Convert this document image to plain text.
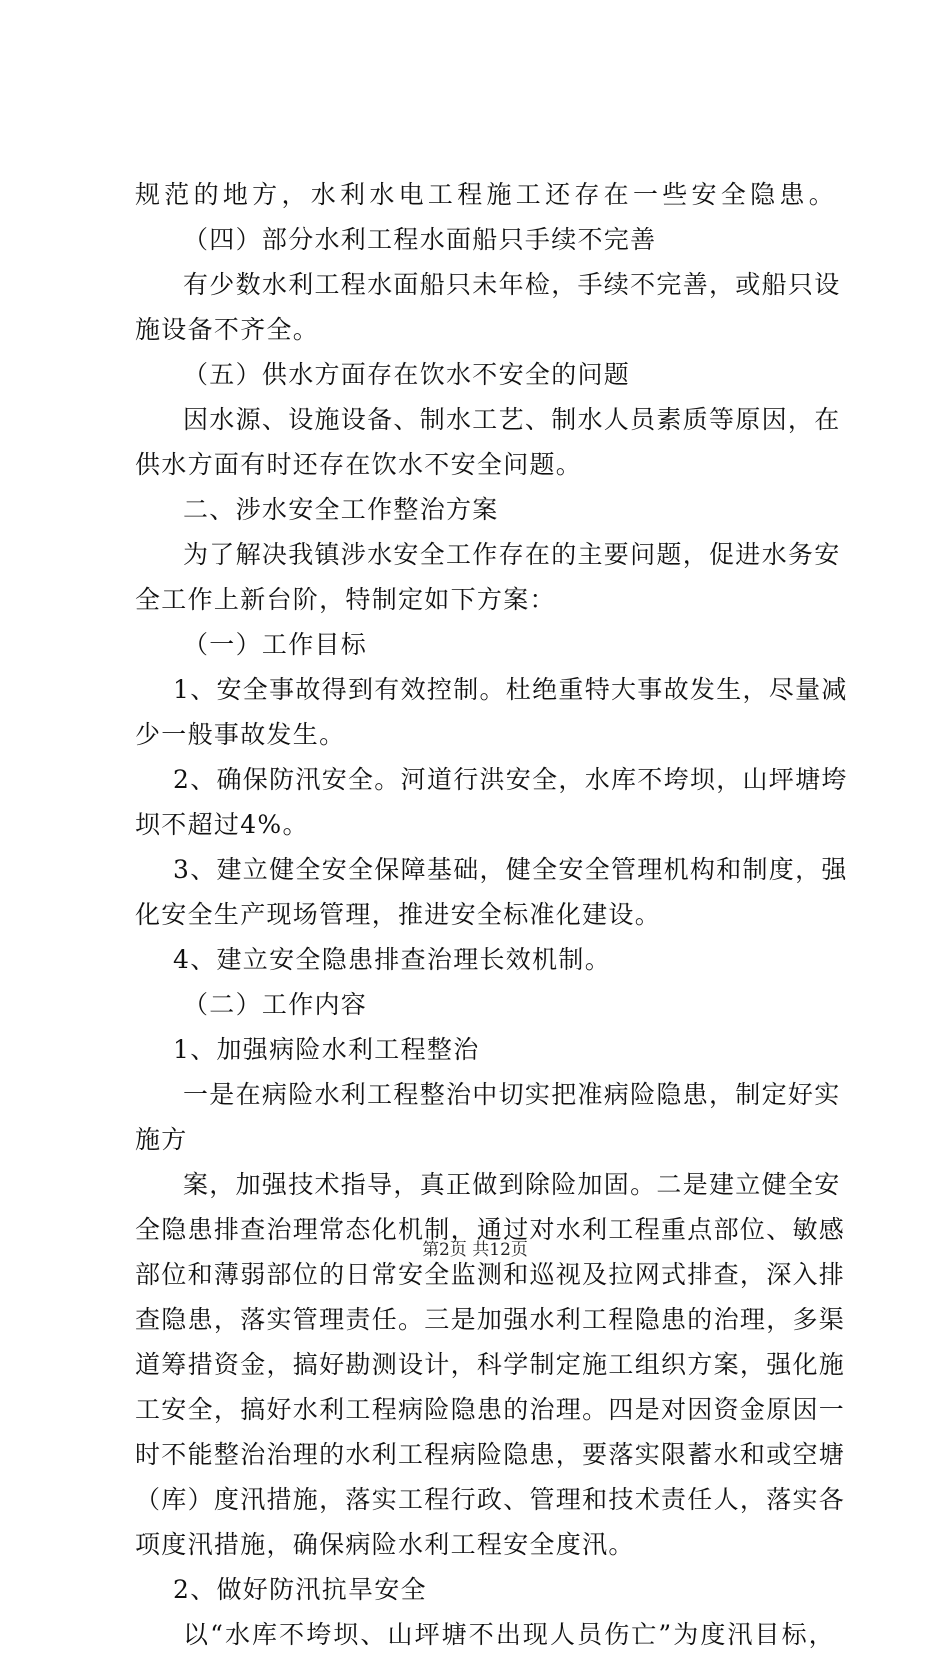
规范的地方，水利水电工程施工还存在一些安全隐患。
（四）部分水利工程水面船只手续不完善
有少数水利工程水面船只未年检，手续不完善，或船只设
施设备不齐全。
（五）供水方面存在饮水不安全的问题
因水源、设施设备、制水工艺、制水人员素质等原因，在
供水方面有时还存在饮水不安全问题。
二、涉水安全工作整治方案
为了解决我镇涉水安全工作存在的主要问题，促进水务安
全工作上新台阶，特制定如下方案：
（一）工作目标
1、安全事故得到有效控制。杜绝重特大事故发生，尽量减
少一般事故发生。
2、确保防汛安全。河道行洪安全，水库不垮坝，山坪塘垮
坝不超过4%。
3、建立健全安全保障基础，健全安全管理机构和制度，强
化安全生产现场管理，推进安全标准化建设。
4、建立安全隐患排查治理长效机制。
（二）工作内容
1、加强病险水利工程整治
一是在病险水利工程整治中切实把准病险隐患，制定好实
施方
案，加强技术指导，真正做到除险加固。二是建立健全安
全隐患排查治理常态化机制，通过对水利工程重点部位、敏感
部位和薄弱部位的日常安全监测和巡视及拉网式排查，深入排
查隐患，落实管理责任。三是加强水利工程隐患的治理，多渠
道筹措资金，搞好勘测设计，科学制定施工组织方案，强化施
工安全，搞好水利工程病险隐患的治理。四是对因资金原因一
时不能整治治理的水利工程病险隐患，要落实限蓄水和或空塘
（库）度汛措施，落实工程行政、管理和技术责任人，落实各
项度汛措施，确保病险水利工程安全度汛。
2、做好防汛抗旱安全
以“水库不垮坝、山坪塘不出现人员伤亡”为度汛目标，
第2页 共12页
